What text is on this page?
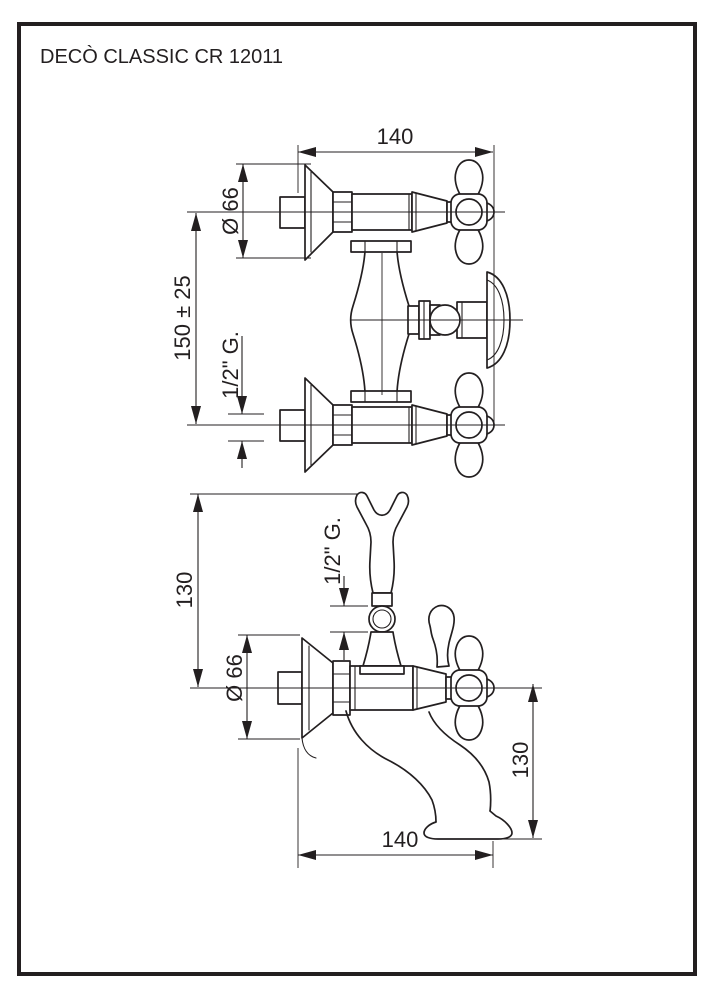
DECÒ CLASSIC CR 12011
140
Ø 66
150 ± 25
1/2" G.
130
1/2" G.
Ø 66
130
140
